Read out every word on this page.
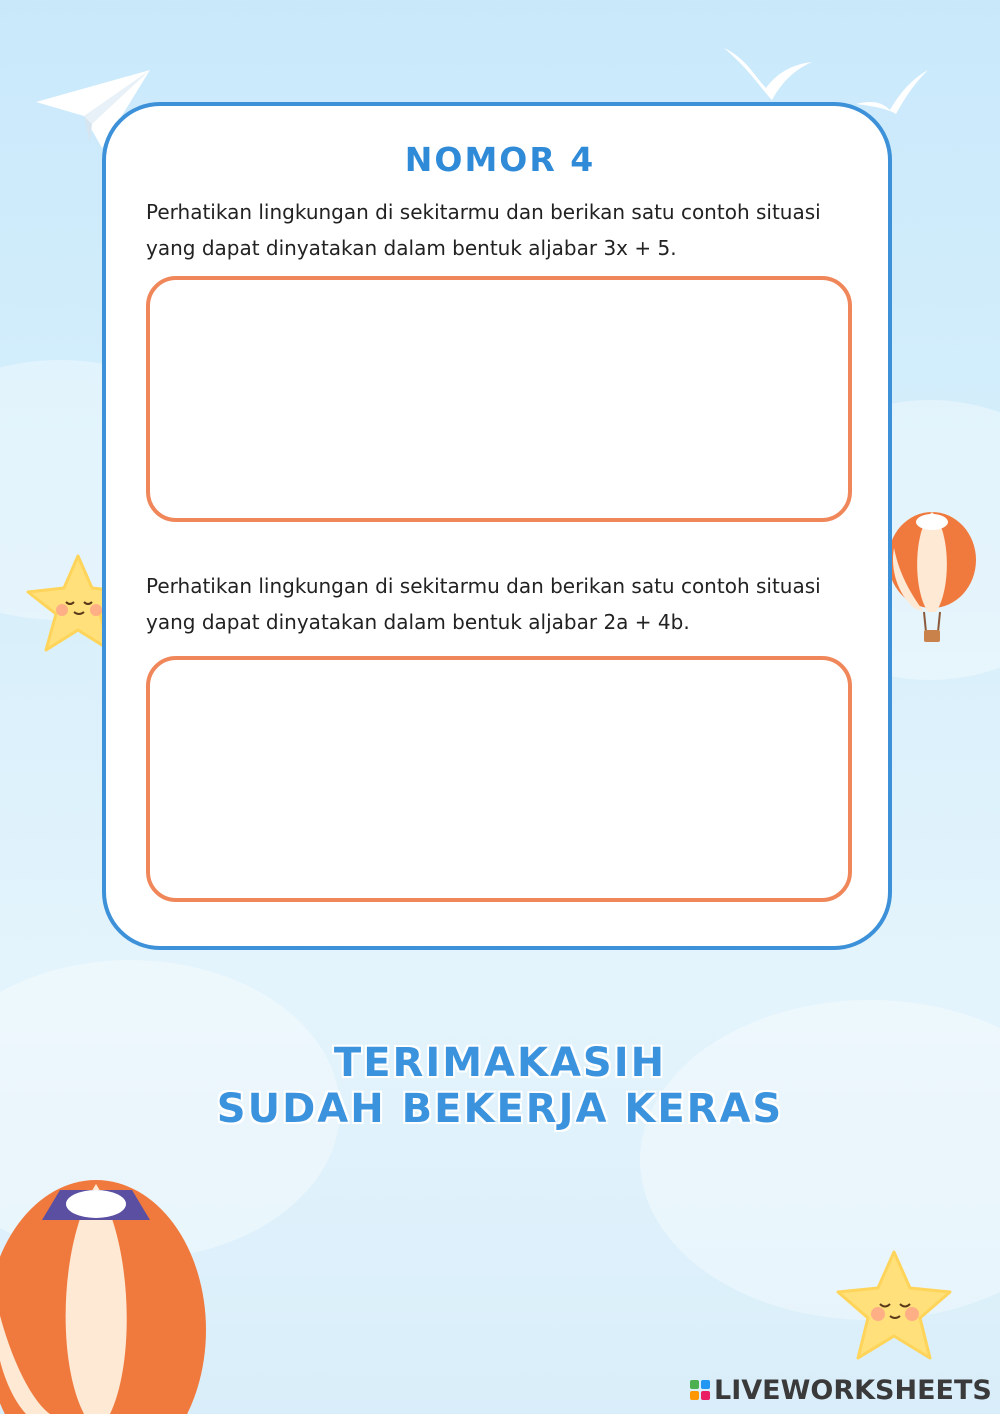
NOMOR 4
Perhatikan lingkungan di sekitarmu dan berikan satu contoh situasi
yang dapat dinyatakan dalam bentuk aljabar 3x + 5.
Perhatikan lingkungan di sekitarmu dan berikan satu contoh situasi
yang dapat dinyatakan dalam bentuk aljabar 2a + 4b.
TERIMAKASIH
SUDAH BEKERJA KERAS
LIVEWORKSHEETS
